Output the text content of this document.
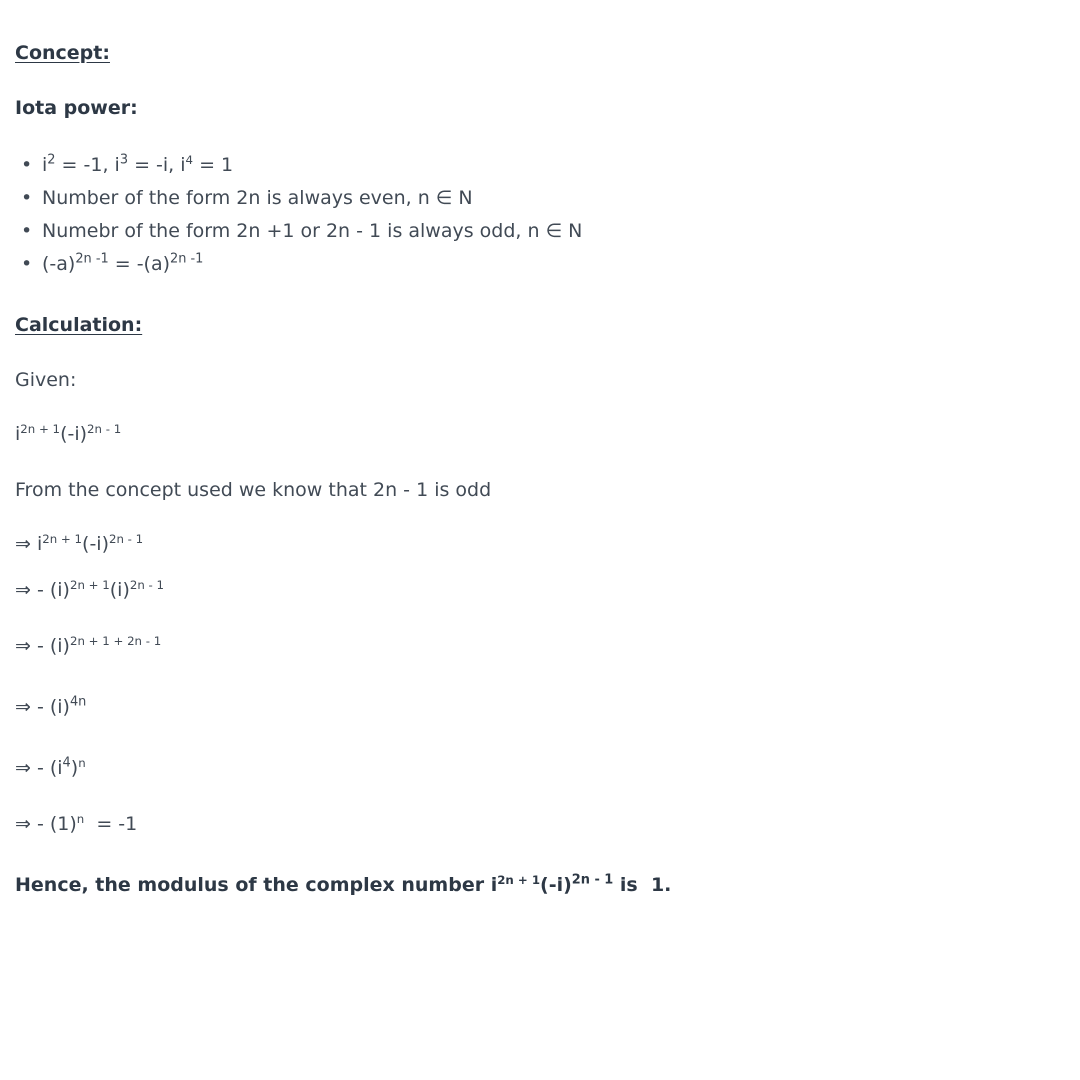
Concept:
Iota power:
• $i^2 = -1$, $i^3 = -i$, $i^4 = 1$
• Number of the form 2n is always even, n ∈ N
• Numebr of the form 2n +1 or 2n - 1 is always odd, n ∈ N
• $(-a)^{2n -1} = -(a)^{2n -1}$
Calculation:
Given:
$i^{2n + 1}(-i)^{2n - 1}$
From the concept used we know that 2n - 1 is odd
⇒ $i^{2n + 1}(-i)^{2n - 1}$
⇒ - $(i)^{2n + 1}(i)^{2n - 1}$
⇒ - $(i)^{2n + 1 + 2n - 1}$
⇒ - $(i)^{4n}$
⇒ - $(i^4)^n$
⇒ - $(1)^n = -1$
Hence, the modulus of the complex number $i^{2n + 1}(-i)^{2n - 1}$ is  1.
